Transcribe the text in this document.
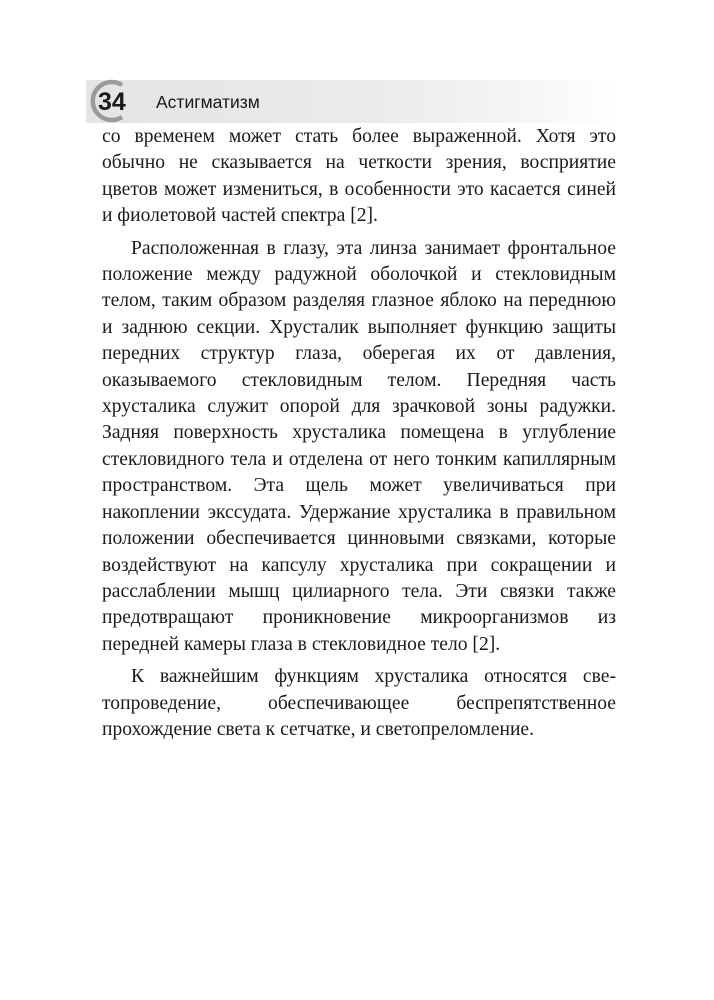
34 Астигматизм

со временем может стать более выраженной. Хотя это обычно не сказывается на четкости зрения, восприятие цветов может измениться, в особенности это касается синей и фиолетовой частей спектра [2].

Расположенная в глазу, эта линза занимает фронтальное положение между радужной оболочкой и стекловидным телом, таким образом разделяя глазное яблоко на переднюю и заднюю секции. Хрусталик выполняет функцию защиты передних структур глаза, оберегая их от давления, оказываемого стекловидным телом. Передняя часть хрусталика служит опорой для зрачковой зоны радужки. Задняя поверхность хрусталика помещена в углубление стекловидного тела и отделена от него тонким капиллярным пространством. Эта щель может увеличиваться при накоплении экссудата. Удержание хрусталика в правильном положении обеспечивается цинновыми связками, которые воздействуют на капсулу хрусталика при сокращении и расслаблении мышц цилиарного тела. Эти связки также предотвращают проникновение микроорганизмов из передней камеры глаза в стекловидное тело [2].

К важнейшим функциям хрусталика относятся светопроведение, обеспечивающее беспрепятственное прохождение света к сетчатке, и светопреломление.
